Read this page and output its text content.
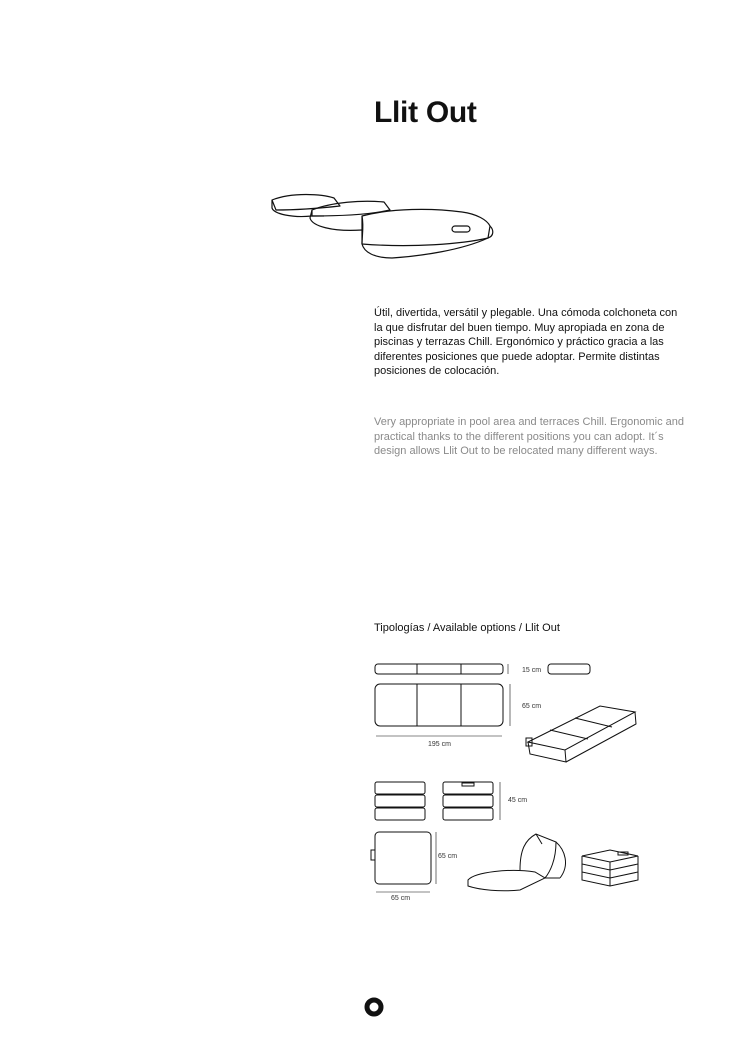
Llit Out

Útil, divertida, versátil y plegable. Una cómoda colchoneta con la que disfrutar del buen tiempo. Muy apropiada en zona de piscinas y terrazas Chill. Ergonómico y práctico gracia a las diferentes posiciones que puede adoptar. Permite distintas posiciones de colocación.

Very appropriate in pool area and terraces Chill. Ergonomic and practical thanks to the different positions you can adopt. It´s design allows Llit Out to be relocated many different ways.

Tipologías / Available options / Llit Out

15 cm
65 cm
195 cm
45 cm
65 cm
65 cm
